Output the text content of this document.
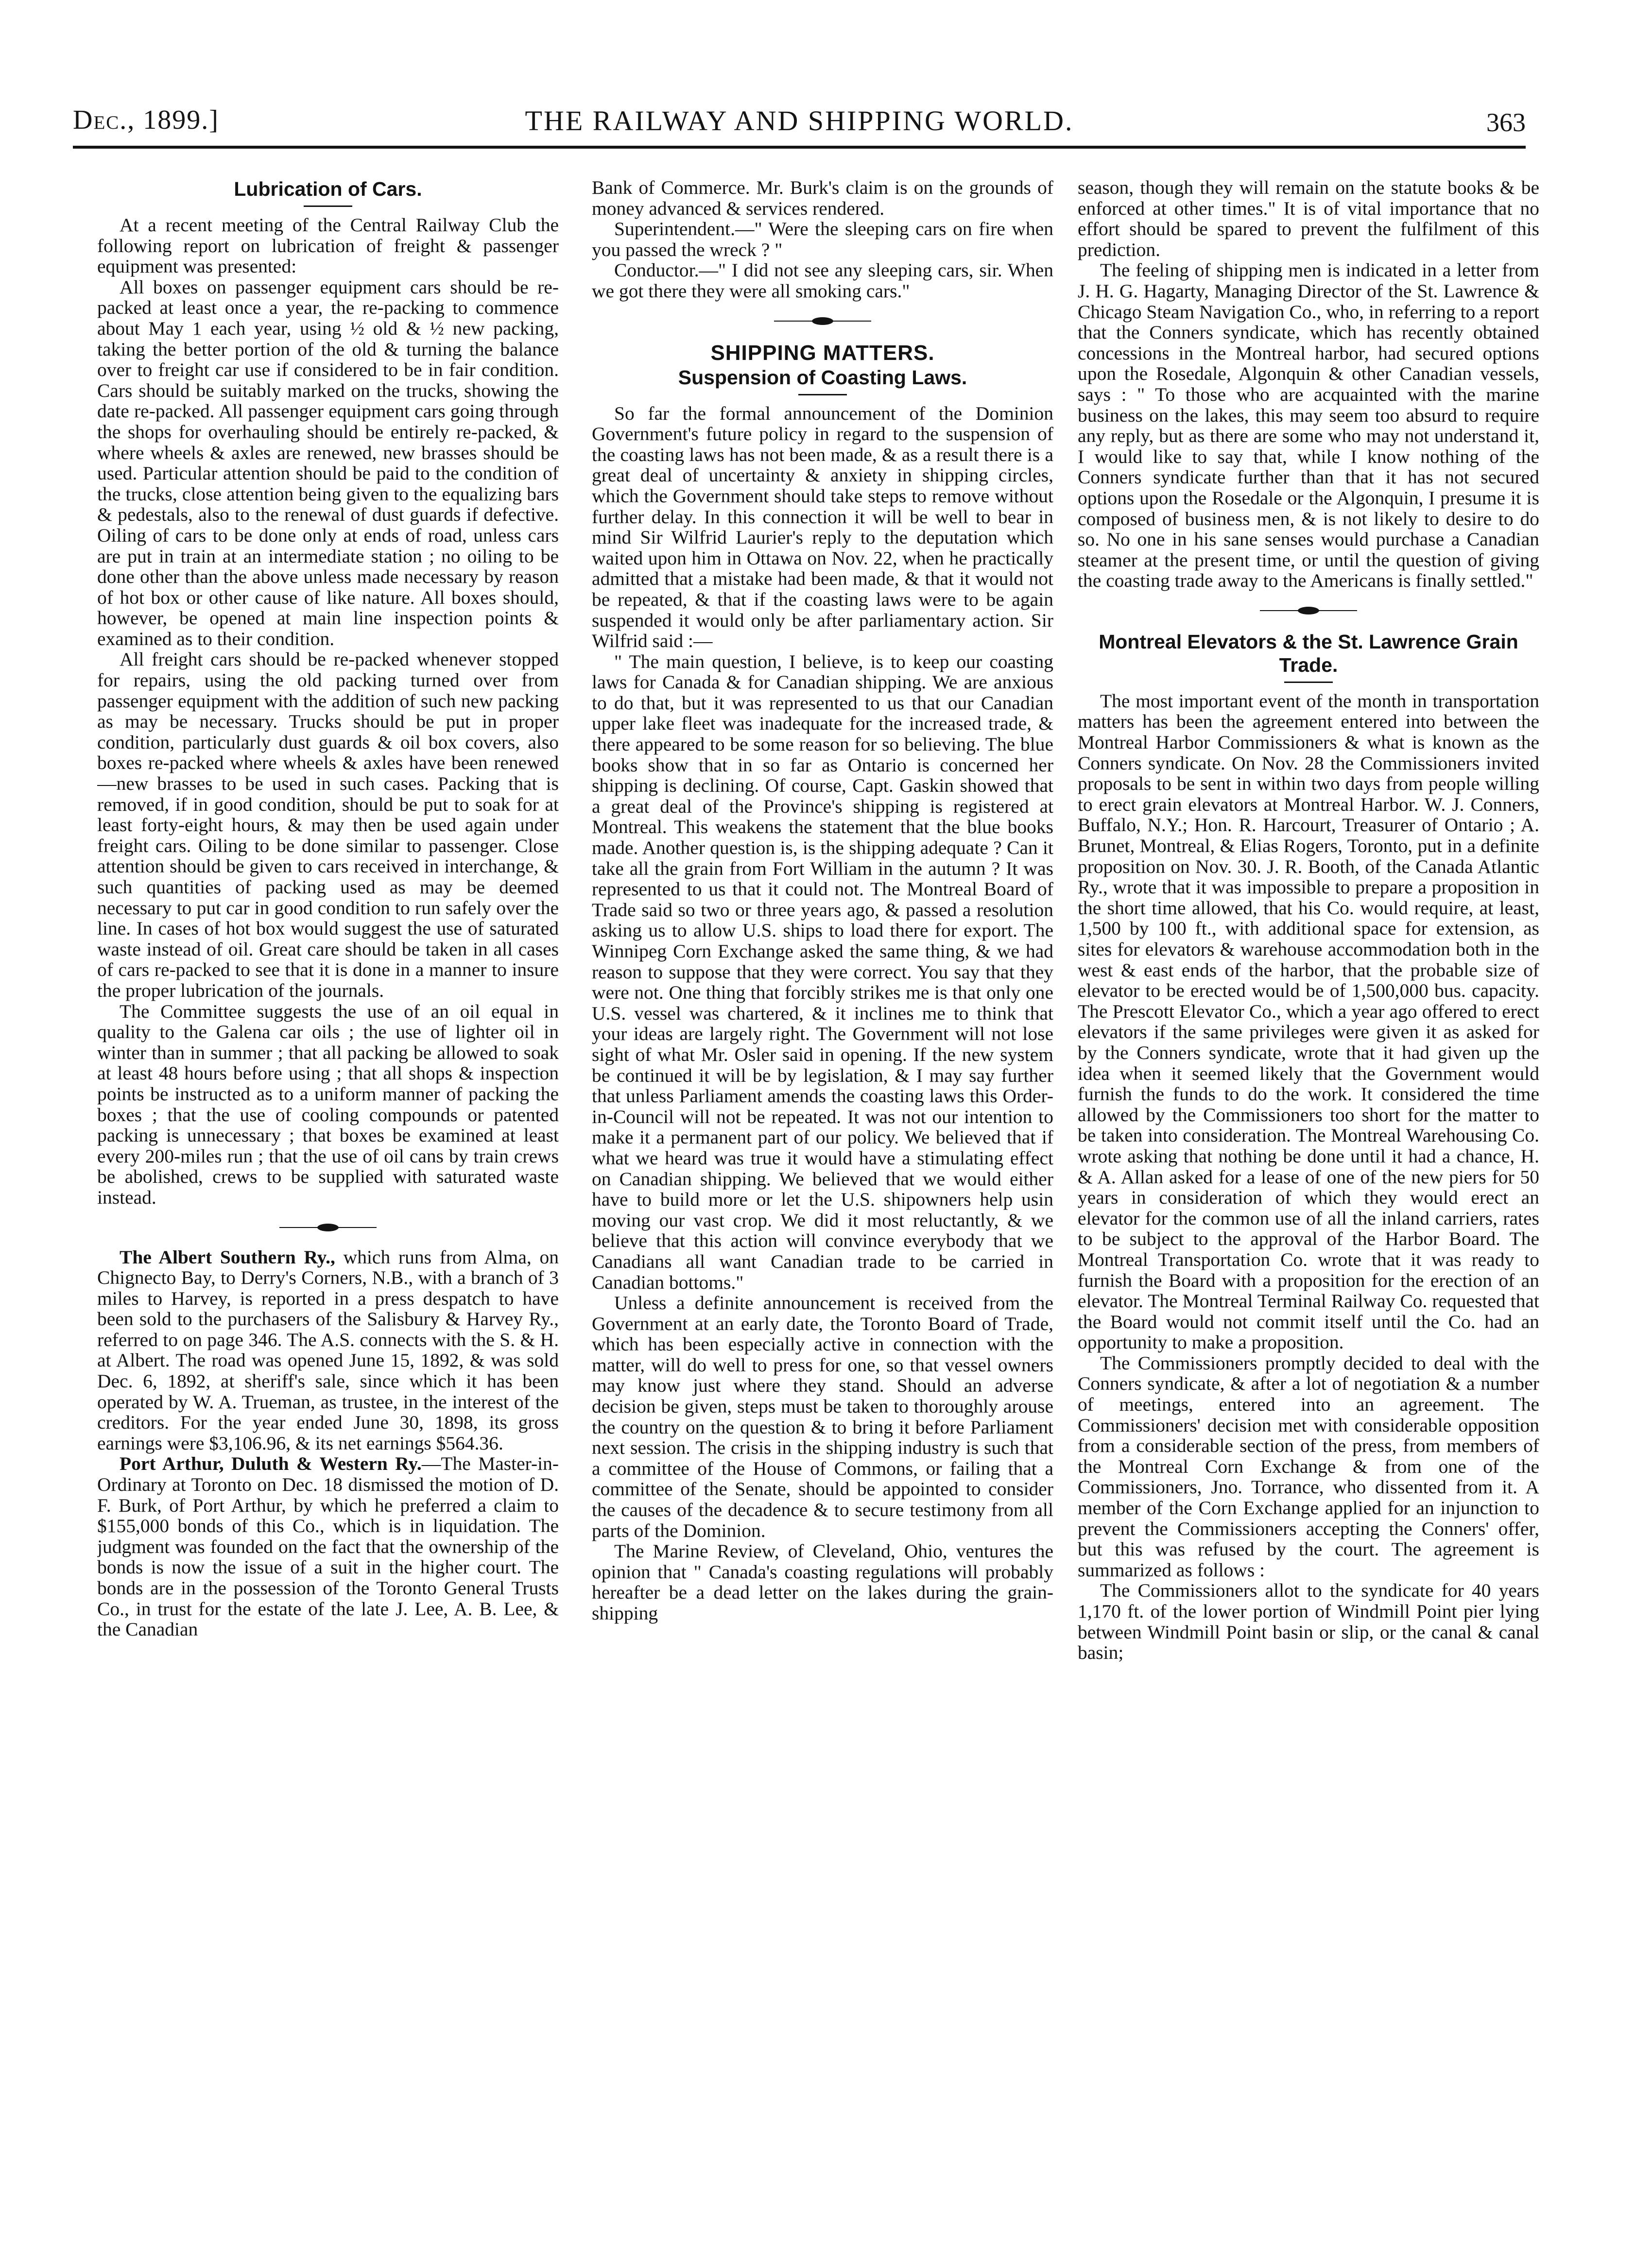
Dec., 1899.]	THE RAILWAY AND SHIPPING WORLD.	363
Lubrication of Cars.

At a recent meeting of the Central Railway Club the following report on lubrication of freight & passenger equipment was presented:

All boxes on passenger equipment cars should be re-packed at least once a year, the re-packing to commence about May 1 each year, using ½ old & ½ new packing, taking the better portion of the old & turning the balance over to freight car use if considered to be in fair condition. Cars should be suitably marked on the trucks, showing the date re-packed. All passenger equipment cars going through the shops for overhauling should be entirely re-packed, & where wheels & axles are renewed, new brasses should be used. Particular attention should be paid to the condition of the trucks, close attention being given to the equalizing bars & pedestals, also to the renewal of dust guards if defective. Oiling of cars to be done only at ends of road, unless cars are put in train at an intermediate station ; no oiling to be done other than the above unless made necessary by reason of hot box or other cause of like nature. All boxes should, however, be opened at main line inspection points & examined as to their condition.

All freight cars should be re-packed whenever stopped for repairs, using the old packing turned over from passenger equipment with the addition of such new packing as may be necessary. Trucks should be put in proper condition, particularly dust guards & oil box covers, also boxes re-packed where wheels & axles have been renewed—new brasses to be used in such cases. Packing that is removed, if in good condition, should be put to soak for at least forty-eight hours, & may then be used again under freight cars. Oiling to be done similar to passenger. Close attention should be given to cars received in interchange, & such quantities of packing used as may be deemed necessary to put car in good condition to run safely over the line. In cases of hot box would suggest the use of saturated waste instead of oil. Great care should be taken in all cases of cars re-packed to see that it is done in a manner to insure the proper lubrication of the journals.

The Committee suggests the use of an oil equal in quality to the Galena car oils ; the use of lighter oil in winter than in summer ; that all packing be allowed to soak at least 48 hours before using ; that all shops & inspection points be instructed as to a uniform manner of packing the boxes ; that the use of cooling compounds or patented packing is unnecessary ; that boxes be examined at least every 200-miles run ; that the use of oil cans by train crews be abolished, crews to be supplied with saturated waste instead.

The Albert Southern Ry., which runs from Alma, on Chignecto Bay, to Derry's Corners, N.B., with a branch of 3 miles to Harvey, is reported in a press despatch to have been sold to the purchasers of the Salisbury & Harvey Ry., referred to on page 346. The A.S. connects with the S. & H. at Albert. The road was opened June 15, 1892, & was sold Dec. 6, 1892, at sheriff's sale, since which it has been operated by W. A. Trueman, as trustee, in the interest of the creditors. For the year ended June 30, 1898, its gross earnings were $3,106.96, & its net earnings $564.36.

Port Arthur, Duluth & Western Ry.—The Master-in-Ordinary at Toronto on Dec. 18 dismissed the motion of D. F. Burk, of Port Arthur, by which he preferred a claim to $155,000 bonds of this Co., which is in liquidation. The judgment was founded on the fact that the ownership of the bonds is now the issue of a suit in the higher court. The bonds are in the possession of the Toronto General Trusts Co., in trust for the estate of the late J. Lee, A. B. Lee, & the Canadian

Bank of Commerce. Mr. Burk's claim is on the grounds of money advanced & services rendered.

Superintendent.—" Were the sleeping cars on fire when you passed the wreck ? "

Conductor.—" I did not see any sleeping cars, sir. When we got there they were all smoking cars."

SHIPPING MATTERS.
Suspension of Coasting Laws.

So far the formal announcement of the Dominion Government's future policy in regard to the suspension of the coasting laws has not been made, & as a result there is a great deal of uncertainty & anxiety in shipping circles, which the Government should take steps to remove without further delay. In this connection it will be well to bear in mind Sir Wilfrid Laurier's reply to the deputation which waited upon him in Ottawa on Nov. 22, when he practically admitted that a mistake had been made, & that it would not be repeated, & that if the coasting laws were to be again suspended it would only be after parliamentary action. Sir Wilfrid said :—

" The main question, I believe, is to keep our coasting laws for Canada & for Canadian shipping. We are anxious to do that, but it was represented to us that our Canadian upper lake fleet was inadequate for the increased trade, & there appeared to be some reason for so believing. The blue books show that in so far as Ontario is concerned her shipping is declining. Of course, Capt. Gaskin showed that a great deal of the Province's shipping is registered at Montreal. This weakens the statement that the blue books made. Another question is, is the shipping adequate ? Can it take all the grain from Fort William in the autumn ? It was represented to us that it could not. The Montreal Board of Trade said so two or three years ago, & passed a resolution asking us to allow U.S. ships to load there for export. The Winnipeg Corn Exchange asked the same thing, & we had reason to suppose that they were correct. You say that they were not. One thing that forcibly strikes me is that only one U.S. vessel was chartered, & it inclines me to think that your ideas are largely right. The Government will not lose sight of what Mr. Osler said in opening. If the new system be continued it will be by legislation, & I may say further that unless Parliament amends the coasting laws this Order-in-Council will not be repeated. It was not our intention to make it a permanent part of our policy. We believed that if what we heard was true it would have a stimulating effect on Canadian shipping. We believed that we would either have to build more or let the U.S. shipowners help usin moving our vast crop. We did it most reluctantly, & we believe that this action will convince everybody that we Canadians all want Canadian trade to be carried in Canadian bottoms."

Unless a definite announcement is received from the Government at an early date, the Toronto Board of Trade, which has been especially active in connection with the matter, will do well to press for one, so that vessel owners may know just where they stand. Should an adverse decision be given, steps must be taken to thoroughly arouse the country on the question & to bring it before Parliament next session. The crisis in the shipping industry is such that a committee of the House of Commons, or failing that a committee of the Senate, should be appointed to consider the causes of the decadence & to secure testimony from all parts of the Dominion.

The Marine Review, of Cleveland, Ohio, ventures the opinion that " Canada's coasting regulations will probably hereafter be a dead letter on the lakes during the grain-shipping

season, though they will remain on the statute books & be enforced at other times." It is of vital importance that no effort should be spared to prevent the fulfilment of this prediction.

The feeling of shipping men is indicated in a letter from J. H. G. Hagarty, Managing Director of the St. Lawrence & Chicago Steam Navigation Co., who, in referring to a report that the Conners syndicate, which has recently obtained concessions in the Montreal harbor, had secured options upon the Rosedale, Algonquin & other Canadian vessels, says : " To those who are acquainted with the marine business on the lakes, this may seem too absurd to require any reply, but as there are some who may not understand it, I would like to say that, while I know nothing of the Conners syndicate further than that it has not secured options upon the Rosedale or the Algonquin, I presume it is composed of business men, & is not likely to desire to do so. No one in his sane senses would purchase a Canadian steamer at the present time, or until the question of giving the coasting trade away to the Americans is finally settled."

Montreal Elevators & the St. Lawrence Grain Trade.

The most important event of the month in transportation matters has been the agreement entered into between the Montreal Harbor Commissioners & what is known as the Conners syndicate. On Nov. 28 the Commissioners invited proposals to be sent in within two days from people willing to erect grain elevators at Montreal Harbor. W. J. Conners, Buffalo, N.Y.; Hon. R. Harcourt, Treasurer of Ontario ; A. Brunet, Montreal, & Elias Rogers, Toronto, put in a definite proposition on Nov. 30. J. R. Booth, of the Canada Atlantic Ry., wrote that it was impossible to prepare a proposition in the short time allowed, that his Co. would require, at least, 1,500 by 100 ft., with additional space for extension, as sites for elevators & warehouse accommodation both in the west & east ends of the harbor, that the probable size of elevator to be erected would be of 1,500,000 bus. capacity. The Prescott Elevator Co., which a year ago offered to erect elevators if the same privileges were given it as asked for by the Conners syndicate, wrote that it had given up the idea when it seemed likely that the Government would furnish the funds to do the work. It considered the time allowed by the Commissioners too short for the matter to be taken into consideration. The Montreal Warehousing Co. wrote asking that nothing be done until it had a chance, H. & A. Allan asked for a lease of one of the new piers for 50 years in consideration of which they would erect an elevator for the common use of all the inland carriers, rates to be subject to the approval of the Harbor Board. The Montreal Transportation Co. wrote that it was ready to furnish the Board with a proposition for the erection of an elevator. The Montreal Terminal Railway Co. requested that the Board would not commit itself until the Co. had an opportunity to make a proposition.

The Commissioners promptly decided to deal with the Conners syndicate, & after a lot of negotiation & a number of meetings, entered into an agreement. The Commissioners' decision met with considerable opposition from a considerable section of the press, from members of the Montreal Corn Exchange & from one of the Commissioners, Jno. Torrance, who dissented from it. A member of the Corn Exchange applied for an injunction to prevent the Commissioners accepting the Conners' offer, but this was refused by the court. The agreement is summarized as follows :

The Commissioners allot to the syndicate for 40 years 1,170 ft. of the lower portion of Windmill Point pier lying between Windmill Point basin or slip, or the canal & canal basin;
